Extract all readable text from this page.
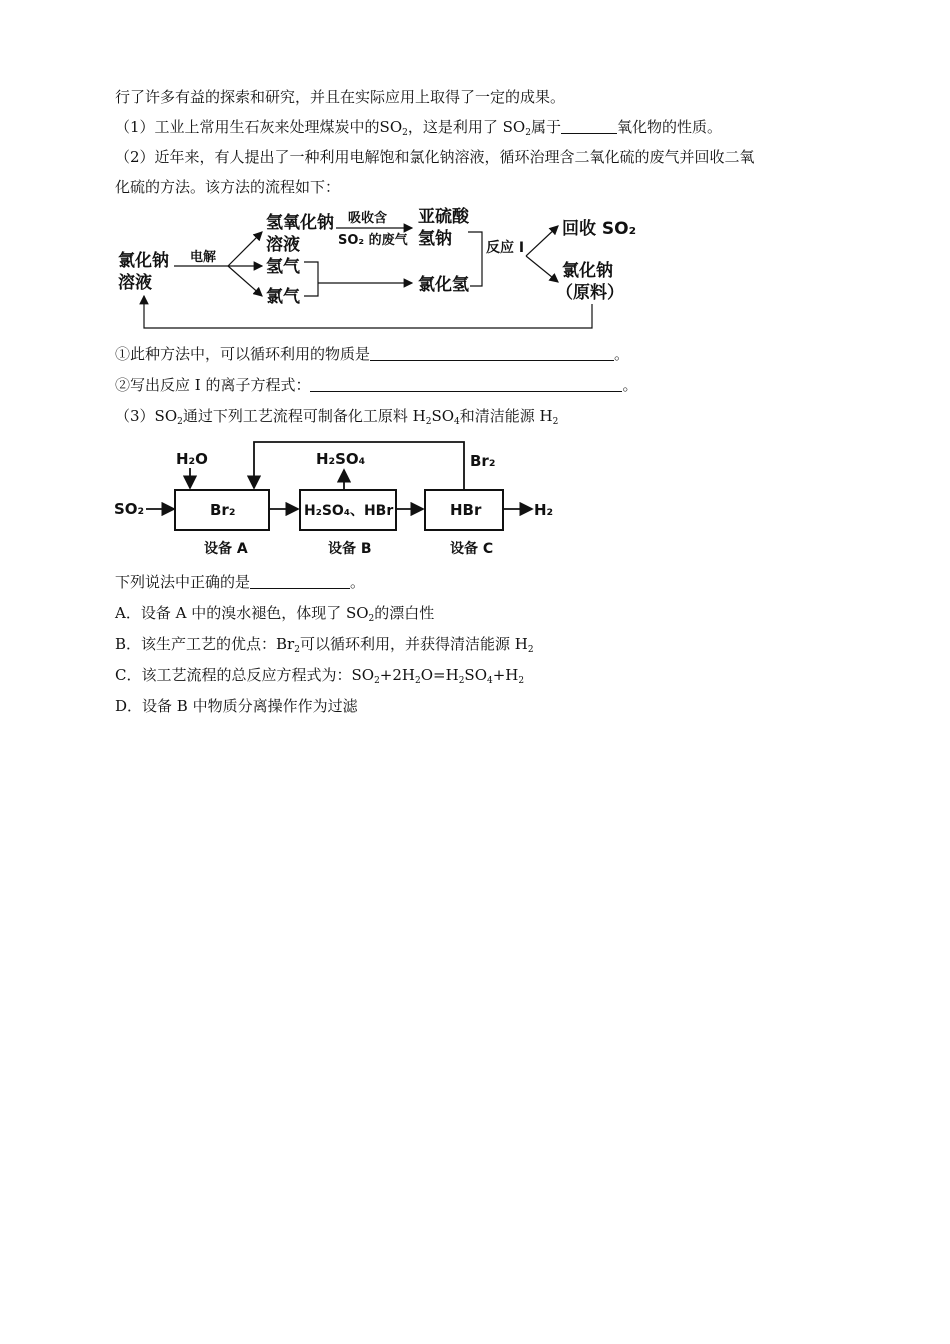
行了许多有益的探索和研究，并且在实际应用上取得了一定的成果。
（1）工业上常用生石灰来处理煤炭中的$SO_2$，这是利用了 $SO_2$属于	氧化物的性质。
（2）近年来，有人提出了一种利用电解饱和氯化钠溶液，循环治理含二氧化硫的废气并回收二氧
化硫的方法。该方法的流程如下：
氯化钠
溶液
电解
氢氧化钠
溶液
氢气
氯气
吸收含
SO₂ 的废气
亚硫酸
氢钠
氯化氢
反应 I
回收 SO₂
氯化钠
（原料）
①此种方法中，可以循环利用的物质是	。
②写出反应 I 的离子方程式：	。
$(3)SO_2$通过下列工艺流程可制备化工原料 $H_2SO_4$和清洁能源 $H_2$
H₂O
SO₂	Br₂	H₂SO₄、HBr
H₂SO₄
HBr	H₂
Br₂
设备 A	设备 B	设备 C
下列说法中正确的是	。
A．设备 A 中的溴水褪色，体现了 $SO_2$的漂白性
B．该生产工艺的优点：$Br_2$可以循环利用，并获得清洁能源 $H_2$
C．该工艺流程的总反应方程式为：$SO_2+2H_2O=H_2SO_4+H_2$
D．设备 B 中物质分离操作作为过滤
